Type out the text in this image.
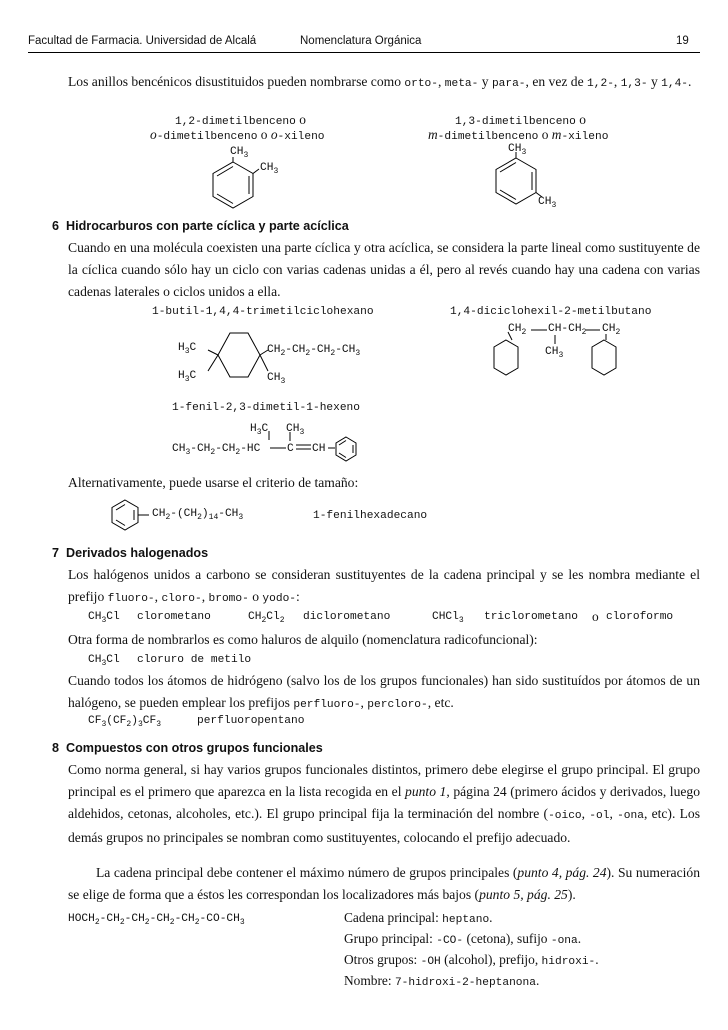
Facultad de Farmacia. Universidad de Alcalá	Nomenclatura Orgánica	19
Los anillos bencénicos disustituidos pueden nombrarse como orto-, meta- y para-, en vez de 1,2-, 1,3- y 1,4-.
1,2-dimetilbenceno o
o-dimetilbenceno o o-xileno
$CH_3$
$CH_3$
1,3-dimetilbenceno o
m-dimetilbenceno o m-xileno
$CH_3$
$CH_3$
6 Hidrocarburos con parte cíclica y parte acíclica
Cuando en una molécula coexisten una parte cíclica y otra acíclica, se considera la parte lineal como sustituyente de la cíclica cuando sólo hay un ciclo con varias cadenas unidas a él, pero al revés cuando hay una cadena con varias cadenas laterales o ciclos unidos a ella.
1-butil-1,4,4-trimetilciclohexano	1,4-diciclohexil-2-metilbutano
$H_3C$
$H_3C$
$CH_2-CH_2-CH_2-CH_3$
$CH_3$
$CH_2$ $CH-CH_2$ $CH_2$
$CH_3$
1-fenil-2,3-dimetil-1-hexeno
$H_3C$ $CH_3$
$CH_3-CH_2-CH_2-HC$ C CH
Alternativamente, puede usarse el criterio de tamaño:
$CH_2-(CH_2)_{14}-CH_3$	1-fenilhexadecano
7 Derivados halogenados
Los halógenos unidos a carbono se consideran sustituyentes de la cadena principal y se les nombra mediante el prefijo fluoro-, cloro-, bromo- o yodo-:
$CH_3Cl$ clorometano	$CH_2Cl_2$ diclorometano	CHCl$_3$ triclorometano o cloroformo
Otra forma de nombrarlos es como haluros de alquilo (nomenclatura radicofuncional):
$CH_3Cl$ cloruro de metilo
Cuando todos los átomos de hidrógeno (salvo los de los grupos funcionales) han sido sustituídos por átomos de un halógeno, se pueden emplear los prefijos perfluoro-, percloro-, etc.
$CF_3(CF_2)_3CF_3$	perfluoropentano
8 Compuestos con otros grupos funcionales
Como norma general, si hay varios grupos funcionales distintos, primero debe elegirse el grupo principal. El grupo principal es el primero que aparezca en la lista recogida en el punto 1, página 24 (primero ácidos y derivados, luego aldehidos, cetonas, alcoholes, etc.). El grupo principal fija la terminación del nombre (-oico, -ol, -ona, etc). Los demás grupos no principales se nombran como sustituyentes, colocando el prefijo adecuado.
La cadena principal debe contener el máximo número de grupos principales (punto 4, pág. 24). Su numeración se elige de forma que a éstos les correspondan los localizadores más bajos (punto 5, pág. 25).
$HOCH_2-CH_2-CH_2-CH_2-CH_2-CO-CH_3$	Cadena principal: heptano.
Grupo principal: -CO- (cetona), sufijo -ona.
Otros grupos: -OH (alcohol), prefijo, hidroxi-.
Nombre: 7-hidroxi-2-heptanona.
